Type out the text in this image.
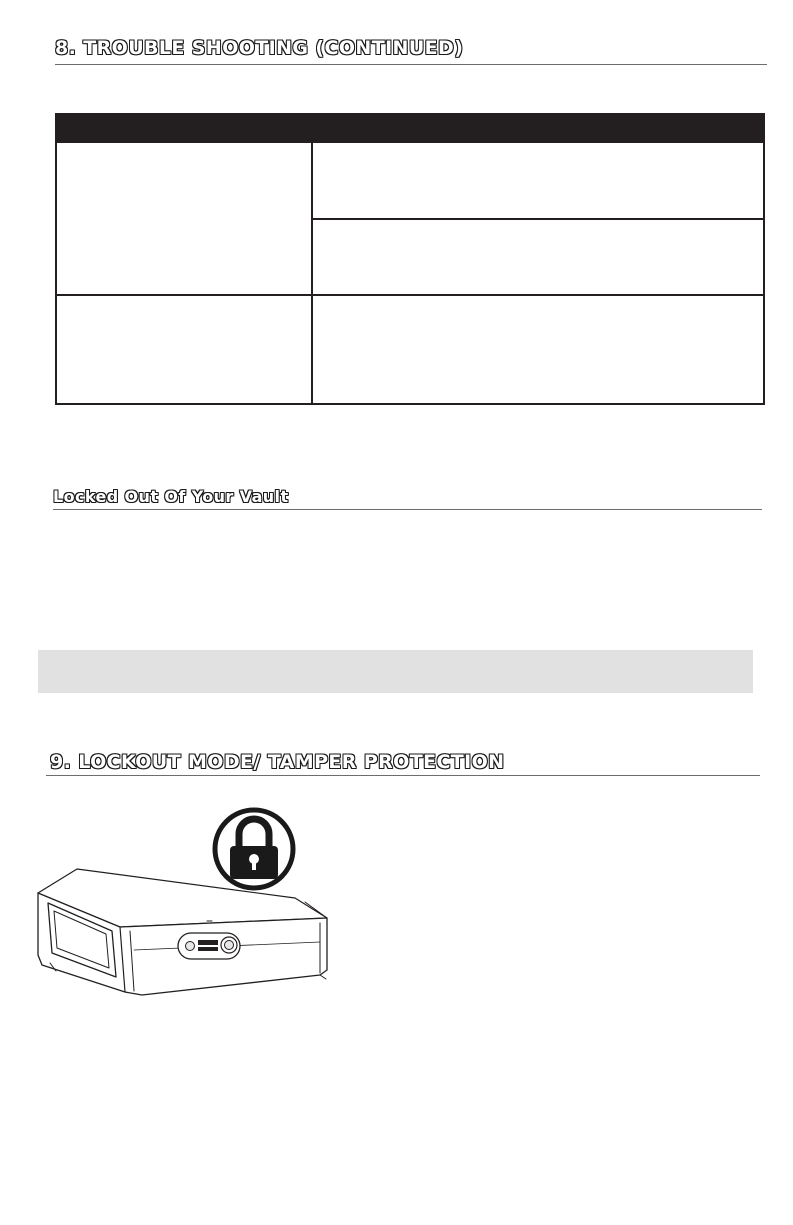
8. TROUBLE SHOOTING (CONTINUED)
Locked Out Of Your Vault
9. LOCKOUT MODE/ TAMPER PROTECTION
